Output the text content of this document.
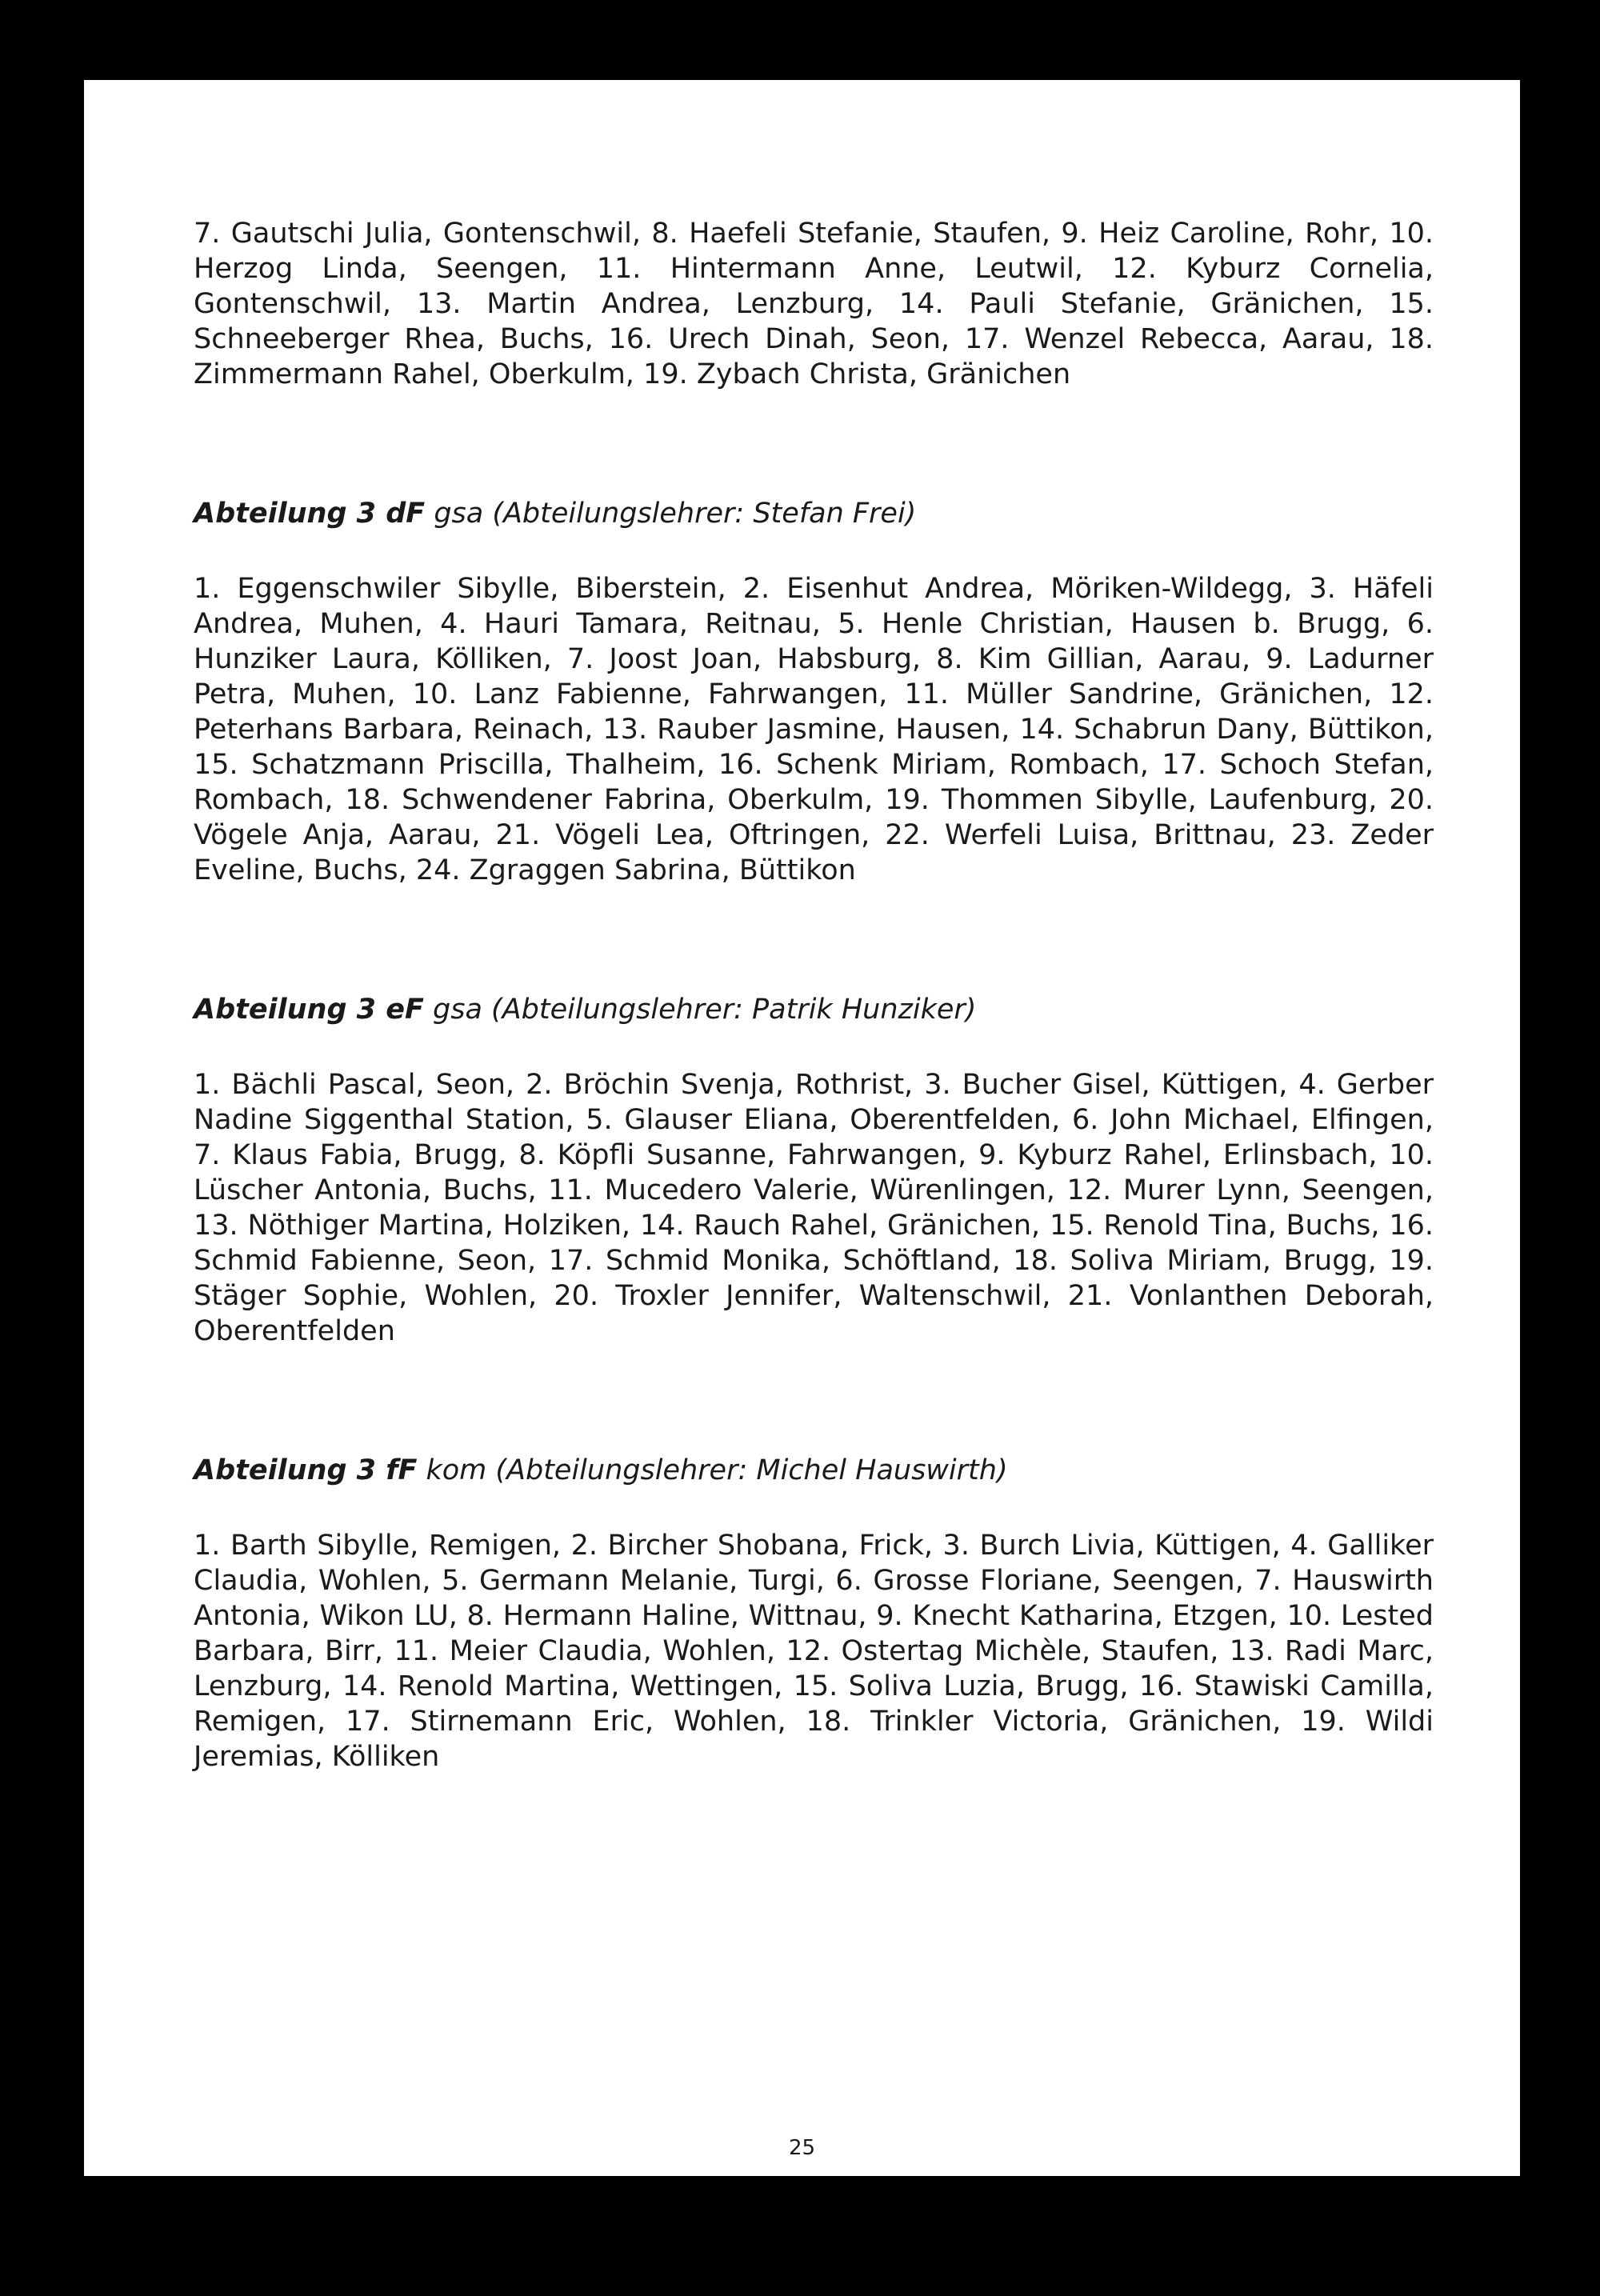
7. Gautschi Julia, Gontenschwil, 8. Haefeli Stefanie, Staufen, 9. Heiz Caroline, Rohr, 10. Herzog Linda, Seengen, 11. Hintermann Anne, Leutwil, 12. Kyburz Cornelia, Gontenschwil, 13. Martin Andrea, Lenzburg, 14. Pauli Stefanie, Gränichen, 15. Schneeberger Rhea, Buchs, 16. Urech Dinah, Seon, 17. Wenzel Rebecca, Aarau, 18. Zimmermann Rahel, Oberkulm, 19. Zybach Christa, Gränichen

Abteilung 3 dF gsa (Abteilungslehrer: Stefan Frei)

1. Eggenschwiler Sibylle, Biberstein, 2. Eisenhut Andrea, Möriken-Wildegg, 3. Häfeli Andrea, Muhen, 4. Hauri Tamara, Reitnau, 5. Henle Christian, Hausen b. Brugg, 6. Hunziker Laura, Kölliken, 7. Joost Joan, Habsburg, 8. Kim Gillian, Aarau, 9. Ladurner Petra, Muhen, 10. Lanz Fabienne, Fahrwangen, 11. Müller Sandrine, Gränichen, 12. Peterhans Barbara, Reinach, 13. Rauber Jasmine, Hausen, 14. Schabrun Dany, Büttikon, 15. Schatzmann Priscilla, Thalheim, 16. Schenk Miriam, Rombach, 17. Schoch Stefan, Rombach, 18. Schwendener Fabrina, Oberkulm, 19. Thommen Sibylle, Laufenburg, 20. Vögele Anja, Aarau, 21. Vögeli Lea, Oftringen, 22. Werfeli Luisa, Brittnau, 23. Zeder Eveline, Buchs, 24. Zgraggen Sabrina, Büttikon

Abteilung 3 eF gsa (Abteilungslehrer: Patrik Hunziker)

1. Bächli Pascal, Seon, 2. Bröchin Svenja, Rothrist, 3. Bucher Gisel, Küttigen, 4. Gerber Nadine Siggenthal Station, 5. Glauser Eliana, Oberentfelden, 6. John Michael, Elfingen, 7. Klaus Fabia, Brugg, 8. Köpfli Susanne, Fahrwangen, 9. Kyburz Rahel, Erlinsbach, 10. Lüscher Antonia, Buchs, 11. Mucedero Valerie, Würenlingen, 12. Murer Lynn, Seengen, 13. Nöthiger Martina, Holziken, 14. Rauch Rahel, Gränichen, 15. Renold Tina, Buchs, 16. Schmid Fabienne, Seon, 17. Schmid Monika, Schöftland, 18. Soliva Miriam, Brugg, 19. Stäger Sophie, Wohlen, 20. Troxler Jennifer, Waltenschwil, 21. Vonlanthen Deborah, Oberentfelden

Abteilung 3 fF kom (Abteilungslehrer: Michel Hauswirth)

1. Barth Sibylle, Remigen, 2. Bircher Shobana, Frick, 3. Burch Livia, Küttigen, 4. Galliker Claudia, Wohlen, 5. Germann Melanie, Turgi, 6. Grosse Floriane, Seengen, 7. Hauswirth Antonia, Wikon LU, 8. Hermann Haline, Wittnau, 9. Knecht Katharina, Etzgen, 10. Lested Barbara, Birr, 11. Meier Claudia, Wohlen, 12. Ostertag Michèle, Staufen, 13. Radi Marc, Lenzburg, 14. Renold Martina, Wettingen, 15. Soliva Luzia, Brugg, 16. Stawiski Camilla, Remigen, 17. Stirnemann Eric, Wohlen, 18. Trinkler Victoria, Gränichen, 19. Wildi Jeremias, Kölliken

25
